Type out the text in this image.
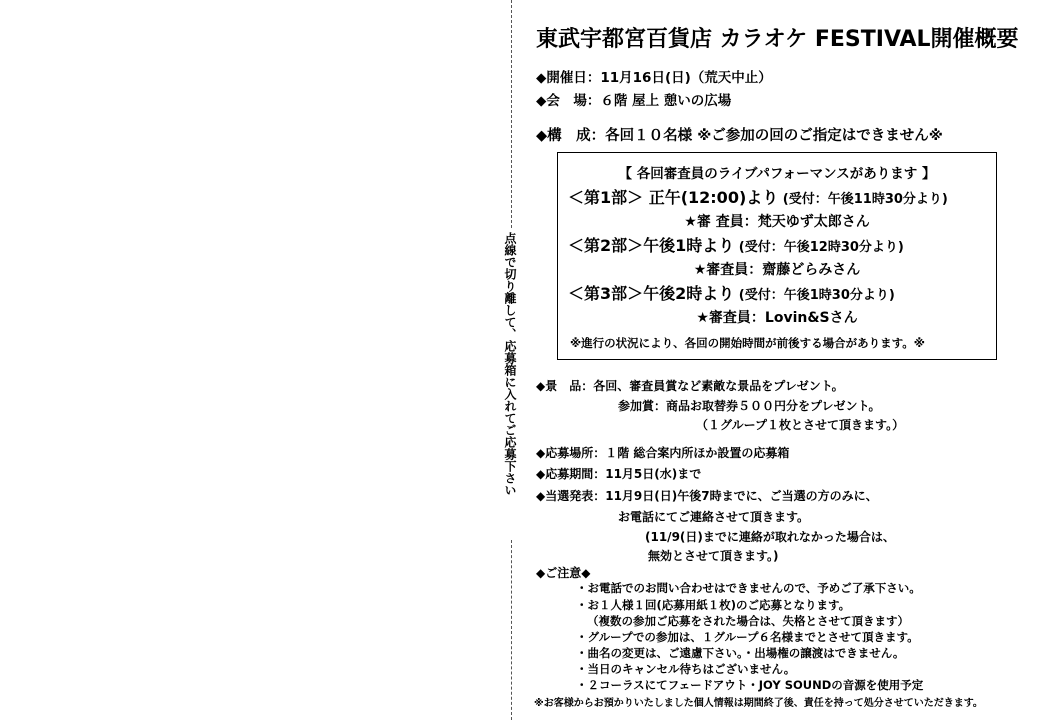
点線で切り離して、応募箱に入れてご応募下さい
東武宇都宮百貨店 カラオケ FESTIVAL開催概要
◆開催日：11月16日(日)（荒天中止）
◆会　場：６階 屋上 憩いの広場
◆構　成：各回１０名様 ※ご参加の回のご指定はできません※
【 各回審査員のライブパフォーマンスがあります 】
＜第1部＞ 正午(12:00)より (受付：午後11時30分より)
★審 査員：梵天ゆず太郎さん
＜第2部＞午後1時より (受付：午後12時30分より)
★審査員：齋藤どらみさん
＜第3部＞午後2時より (受付：午後1時30分より)
★審査員：Lovin&Sさん
※進行の状況により、各回の開始時間が前後する場合があります。※
◆景　品：各回、審査員賞など素敵な景品をプレゼント。
参加賞：商品お取替券５００円分をプレゼント。
（１グループ１枚とさせて頂きます。）
◆応募場所：１階 総合案内所ほか設置の応募箱
◆応募期間：11月5日(水)まで
◆当選発表：11月9日(日)午後7時までに、ご当選の方のみに、
お電話にてご連絡させて頂きます。
(11/9(日)までに連絡が取れなかった場合は、
無効とさせて頂きます。)
◆ご注意◆
・お電話でのお問い合わせはできませんので、予めご了承下さい。
・お１人様１回(応募用紙１枚)のご応募となります。
（複数の参加ご応募をされた場合は、失格とさせて頂きます）
・グループでの参加は、１グループ６名様までとさせて頂きます。
・曲名の変更は、ご遠慮下さい。・出場権の譲渡はできません。
・当日のキャンセル待ちはございません。
・２コーラスにてフェードアウト・JOY SOUNDの音源を使用予定
※お客様からお預かりいたしました個人情報は期間終了後、責任を持って処分させていただきます。
